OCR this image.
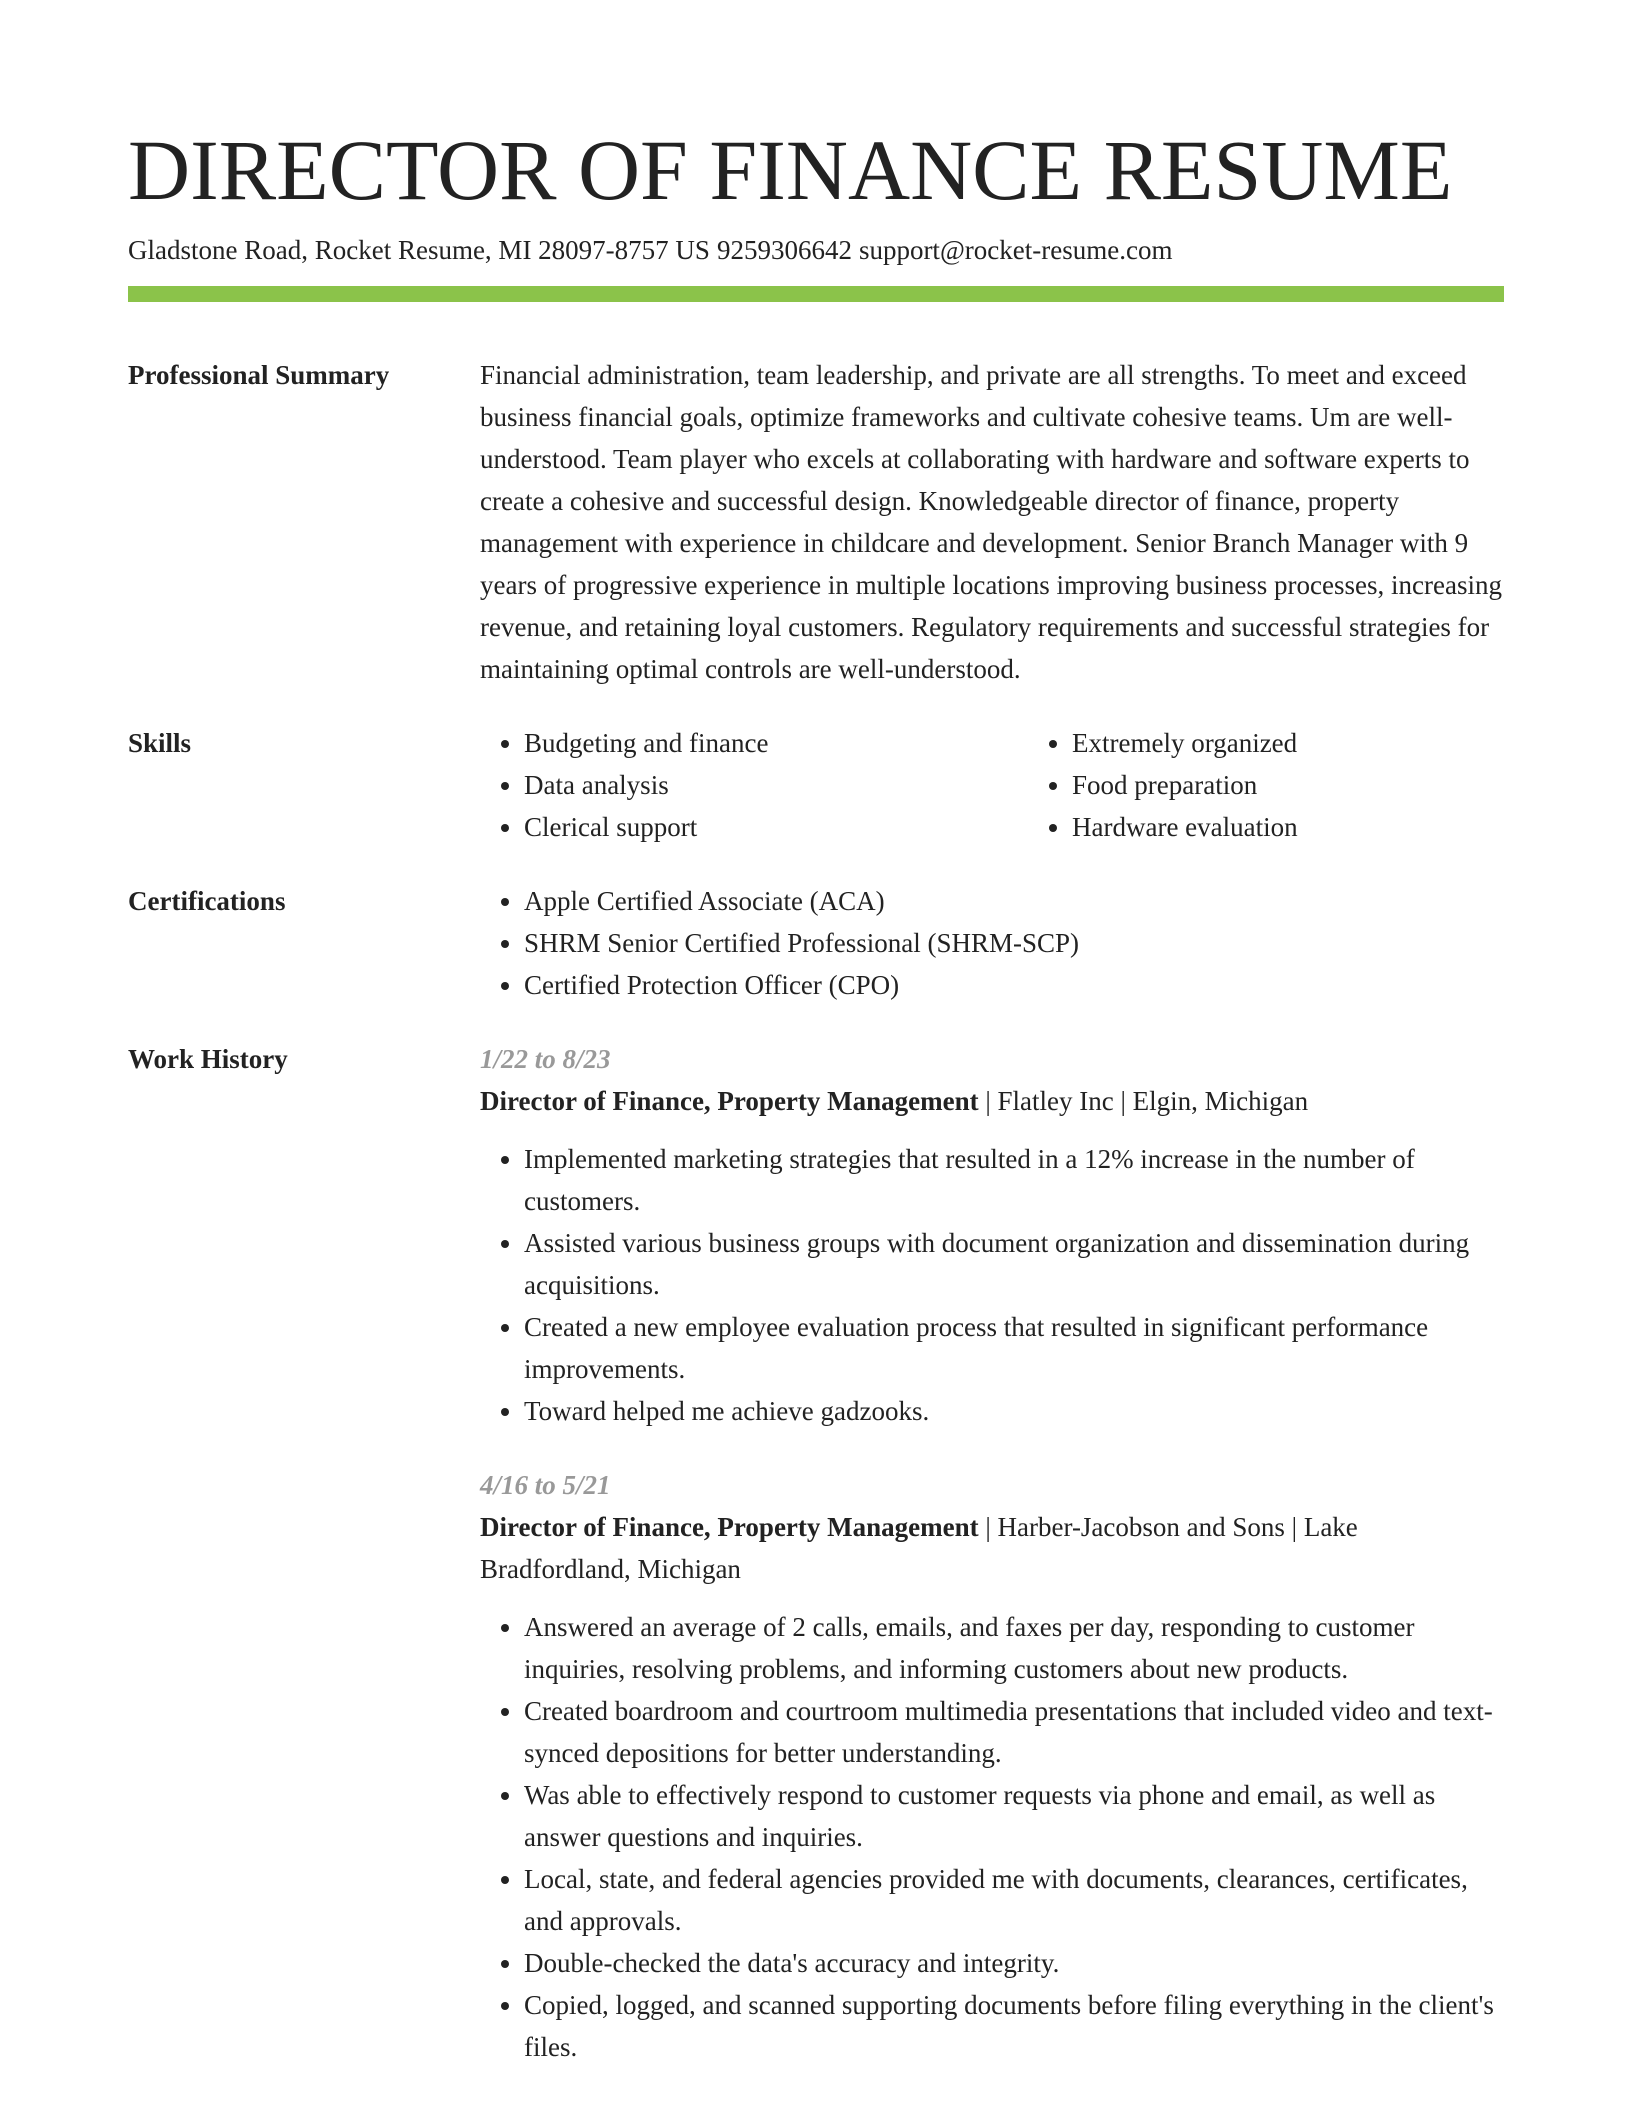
DIRECTOR OF FINANCE RESUME
Gladstone Road, Rocket Resume, MI 28097-8757 US 9259306642 support@rocket-resume.com
Professional Summary	Financial administration, team leadership, and private are all strengths. To meet and exceed business financial goals, optimize frameworks and cultivate cohesive teams. Um are well-understood. Team player who excels at collaborating with hardware and software experts to create a cohesive and successful design. Knowledgeable director of finance, property management with experience in childcare and development. Senior Branch Manager with 9 years of progressive experience in multiple locations improving business processes, increasing revenue, and retaining loyal customers. Regulatory requirements and successful strategies for maintaining optimal controls are well-understood.
Skills	• Budgeting and finance
• Data analysis
• Clerical support
• Extremely organized
• Food preparation
• Hardware evaluation
Certifications	• Apple Certified Associate (ACA)
• SHRM Senior Certified Professional (SHRM-SCP)
• Certified Protection Officer (CPO)
Work History	1/22 to 8/23
Director of Finance, Property Management | Flatley Inc | Elgin, Michigan
• Implemented marketing strategies that resulted in a 12% increase in the number of customers.
• Assisted various business groups with document organization and dissemination during acquisitions.
• Created a new employee evaluation process that resulted in significant performance improvements.
• Toward helped me achieve gadzooks.
4/16 to 5/21
Director of Finance, Property Management | Harber-Jacobson and Sons | Lake Bradfordland, Michigan
• Answered an average of 2 calls, emails, and faxes per day, responding to customer inquiries, resolving problems, and informing customers about new products.
• Created boardroom and courtroom multimedia presentations that included video and text-synced depositions for better understanding.
• Was able to effectively respond to customer requests via phone and email, as well as answer questions and inquiries.
• Local, state, and federal agencies provided me with documents, clearances, certificates, and approvals.
• Double-checked the data's accuracy and integrity.
• Copied, logged, and scanned supporting documents before filing everything in the client's files.
